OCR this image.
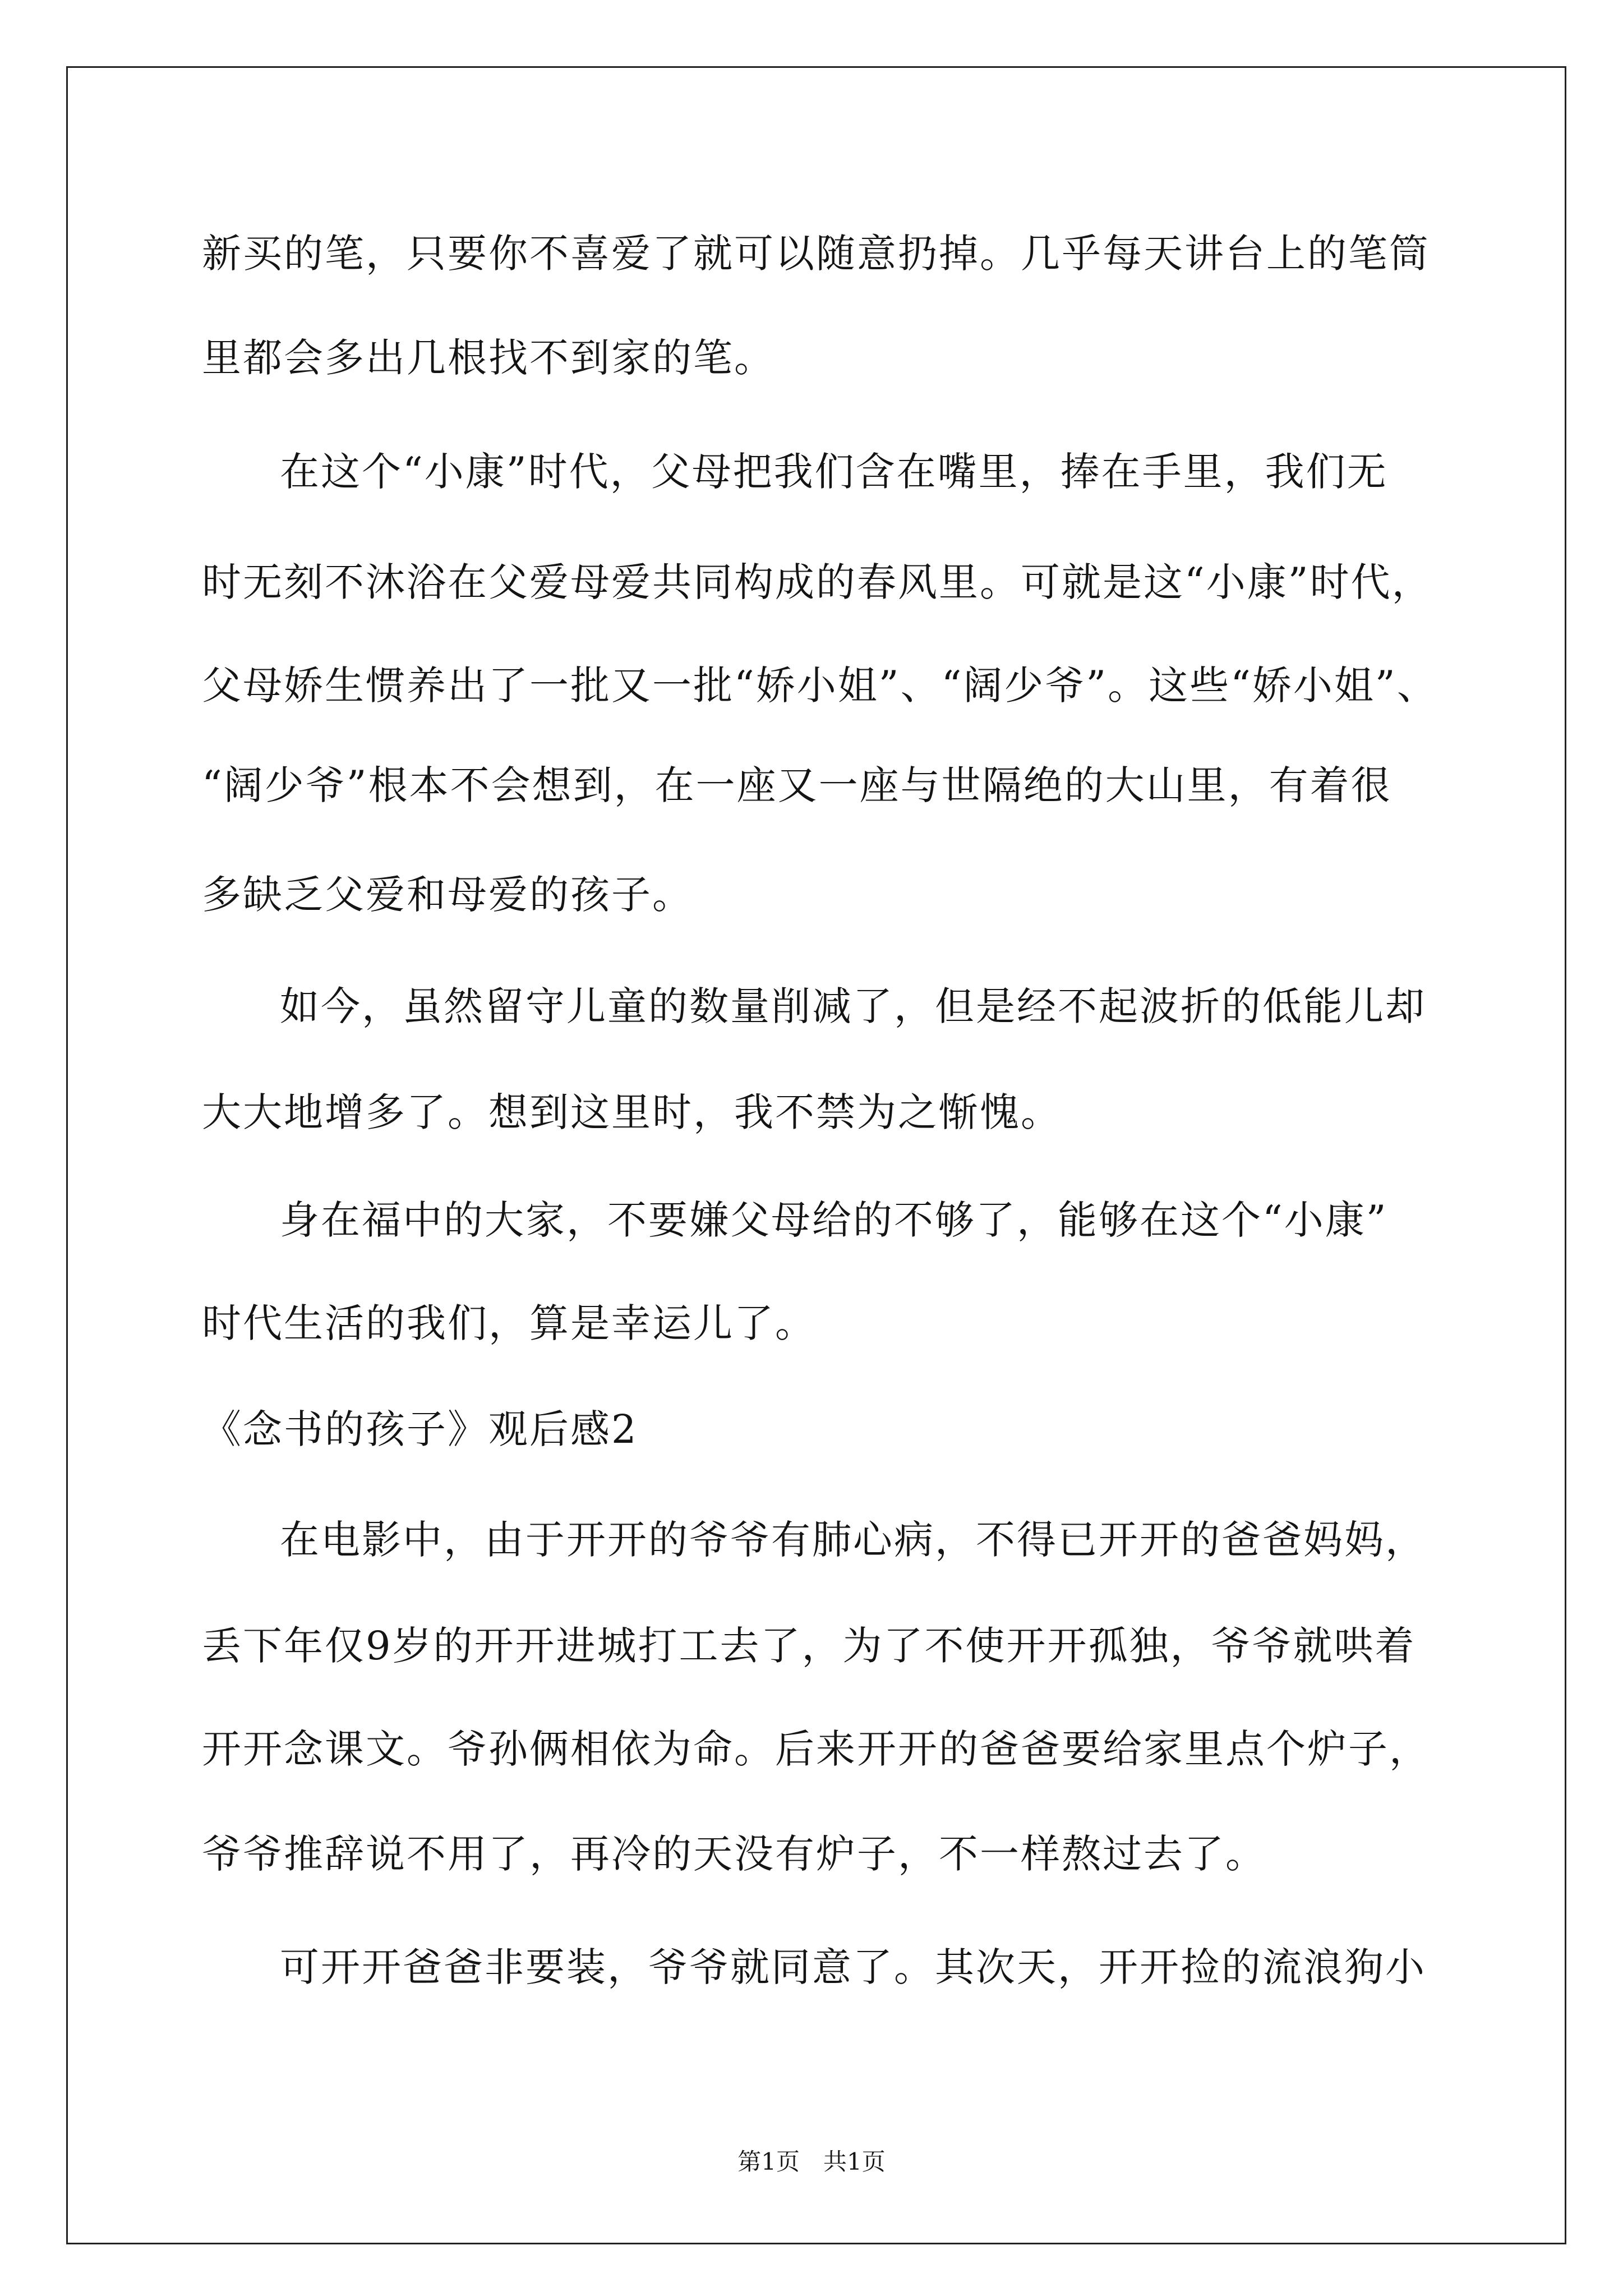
新买的笔，只要你不喜爱了就可以随意扔掉。几乎每天讲台上的笔筒
里都会多出几根找不到家的笔。
在这个“小康”时代，父母把我们含在嘴里，捧在手里，我们无
时无刻不沐浴在父爱母爱共同构成的春风里。可就是这“小康”时代，
父母娇生惯养出了一批又一批“娇小姐”、“阔少爷”。这些“娇小姐”、
“阔少爷”根本不会想到，在一座又一座与世隔绝的大山里，有着很
多缺乏父爱和母爱的孩子。
如今，虽然留守儿童的数量削减了，但是经不起波折的低能儿却
大大地增多了。想到这里时，我不禁为之惭愧。
身在福中的大家，不要嫌父母给的不够了，能够在这个“小康”
时代生活的我们，算是幸运儿了。
《念书的孩子》观后感2
在电影中，由于开开的爷爷有肺心病，不得已开开的爸爸妈妈，
丢下年仅9岁的开开进城打工去了，为了不使开开孤独，爷爷就哄着
开开念课文。爷孙俩相依为命。后来开开的爸爸要给家里点个炉子，
爷爷推辞说不用了，再冷的天没有炉子，不一样熬过去了。
可开开爸爸非要装，爷爷就同意了。其次天，开开捡的流浪狗小
第1页　共1页
